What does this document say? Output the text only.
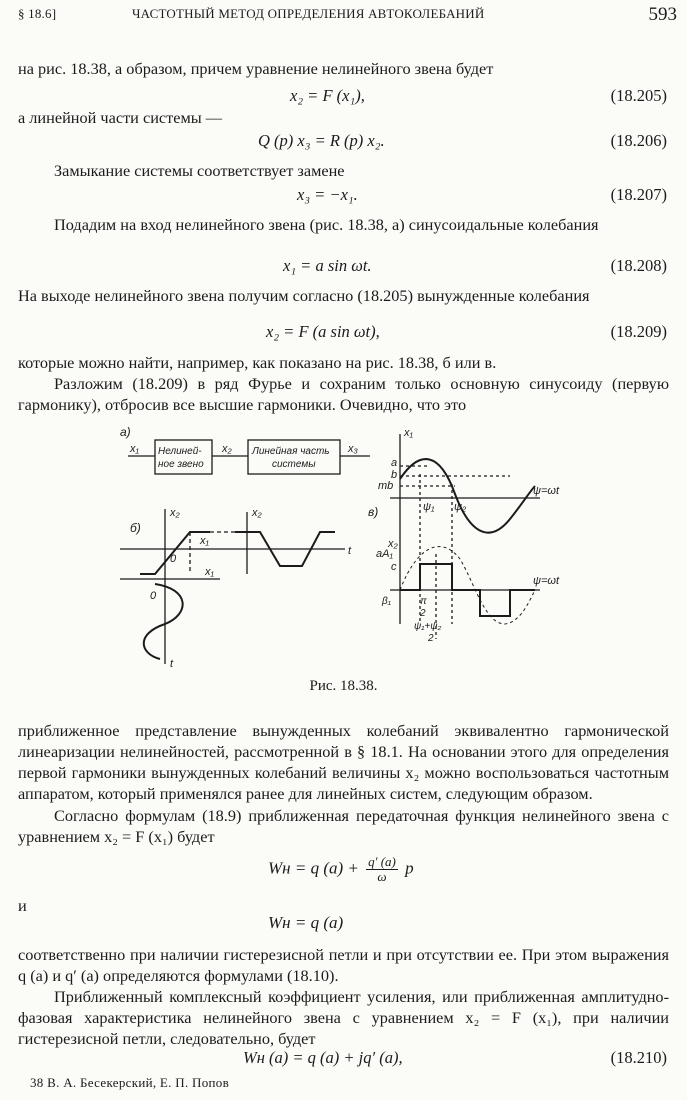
§ 18.6]	ЧАСТОТНЫЙ МЕТОД ОПРЕДЕЛЕНИЯ АВТОКОЛЕБАНИЙ	593
на рис. 18.38, а образом, причем уравнение нелинейного звена будет
x₂ = F (x₁),	(18.205)
а линейной части системы —
Q (p) x₃ = R (p) x₂.	(18.206)
Замыкание системы соответствует замене
x₃ = −x₁.	(18.207)
Подадим на вход нелинейного звена (рис. 18.38, а) синусоидальные колебания
x₁ = a sin ωt.	(18.208)
На выходе нелинейного звена получим согласно (18.205) вынужденные колебания
x₂ = F (a sin ωt),	(18.209)
которые можно найти, например, как показано на рис. 18.38, б или в.
Разложим (18.209) в ряд Фурье и сохраним только основную синусоиду (первую гармонику), отбросив все высшие гармоники. Очевидно, что это
а)
x₁	x₂	x₃
Нелиней-
ное звено
Линейная часть
системы
б)
x₂
x₁
0
x₁
0
t
x₂
t
в)
x₁
a
b
mb	ψ=ωt
ψ₁ ψ₂
x₂
aA₁
c
ψ=ωt
β₁	π
2
ψ₁+ψ₂
2
Рис. 18.38.
приближенное представление вынужденных колебаний эквивалентно гармонической линеаризации нелинейностей, рассмотренной в § 18.1. На основании этого для определения первой гармоники вынужденных колебаний величины x₂ можно воспользоваться частотным аппаратом, который применялся ранее для линейных систем, следующим образом.
Согласно формулам (18.9) приближенная передаточная функция нелинейного звена с уравнением x₂ = F (x₁) будет
Wн = q $(a) + \frac{q' (a)}{\omega}$ p
и
Wн = q (a)
соответственно при наличии гистерезисной петли и при отсутствии ее. При этом выражения q (a) и q′ (a) определяются формулами (18.10).
Приближенный комплексный коэффициент усиления, или приближенная амплитудно-фазовая характеристика нелинейного звена с уравнением x₂ = F (x₁), при наличии гистерезисной петли, следовательно, будет
Wн (a) = q (a) + jq′ (a),	(18.210)
38 В. А. Бесекерский, Е. П. Попов
